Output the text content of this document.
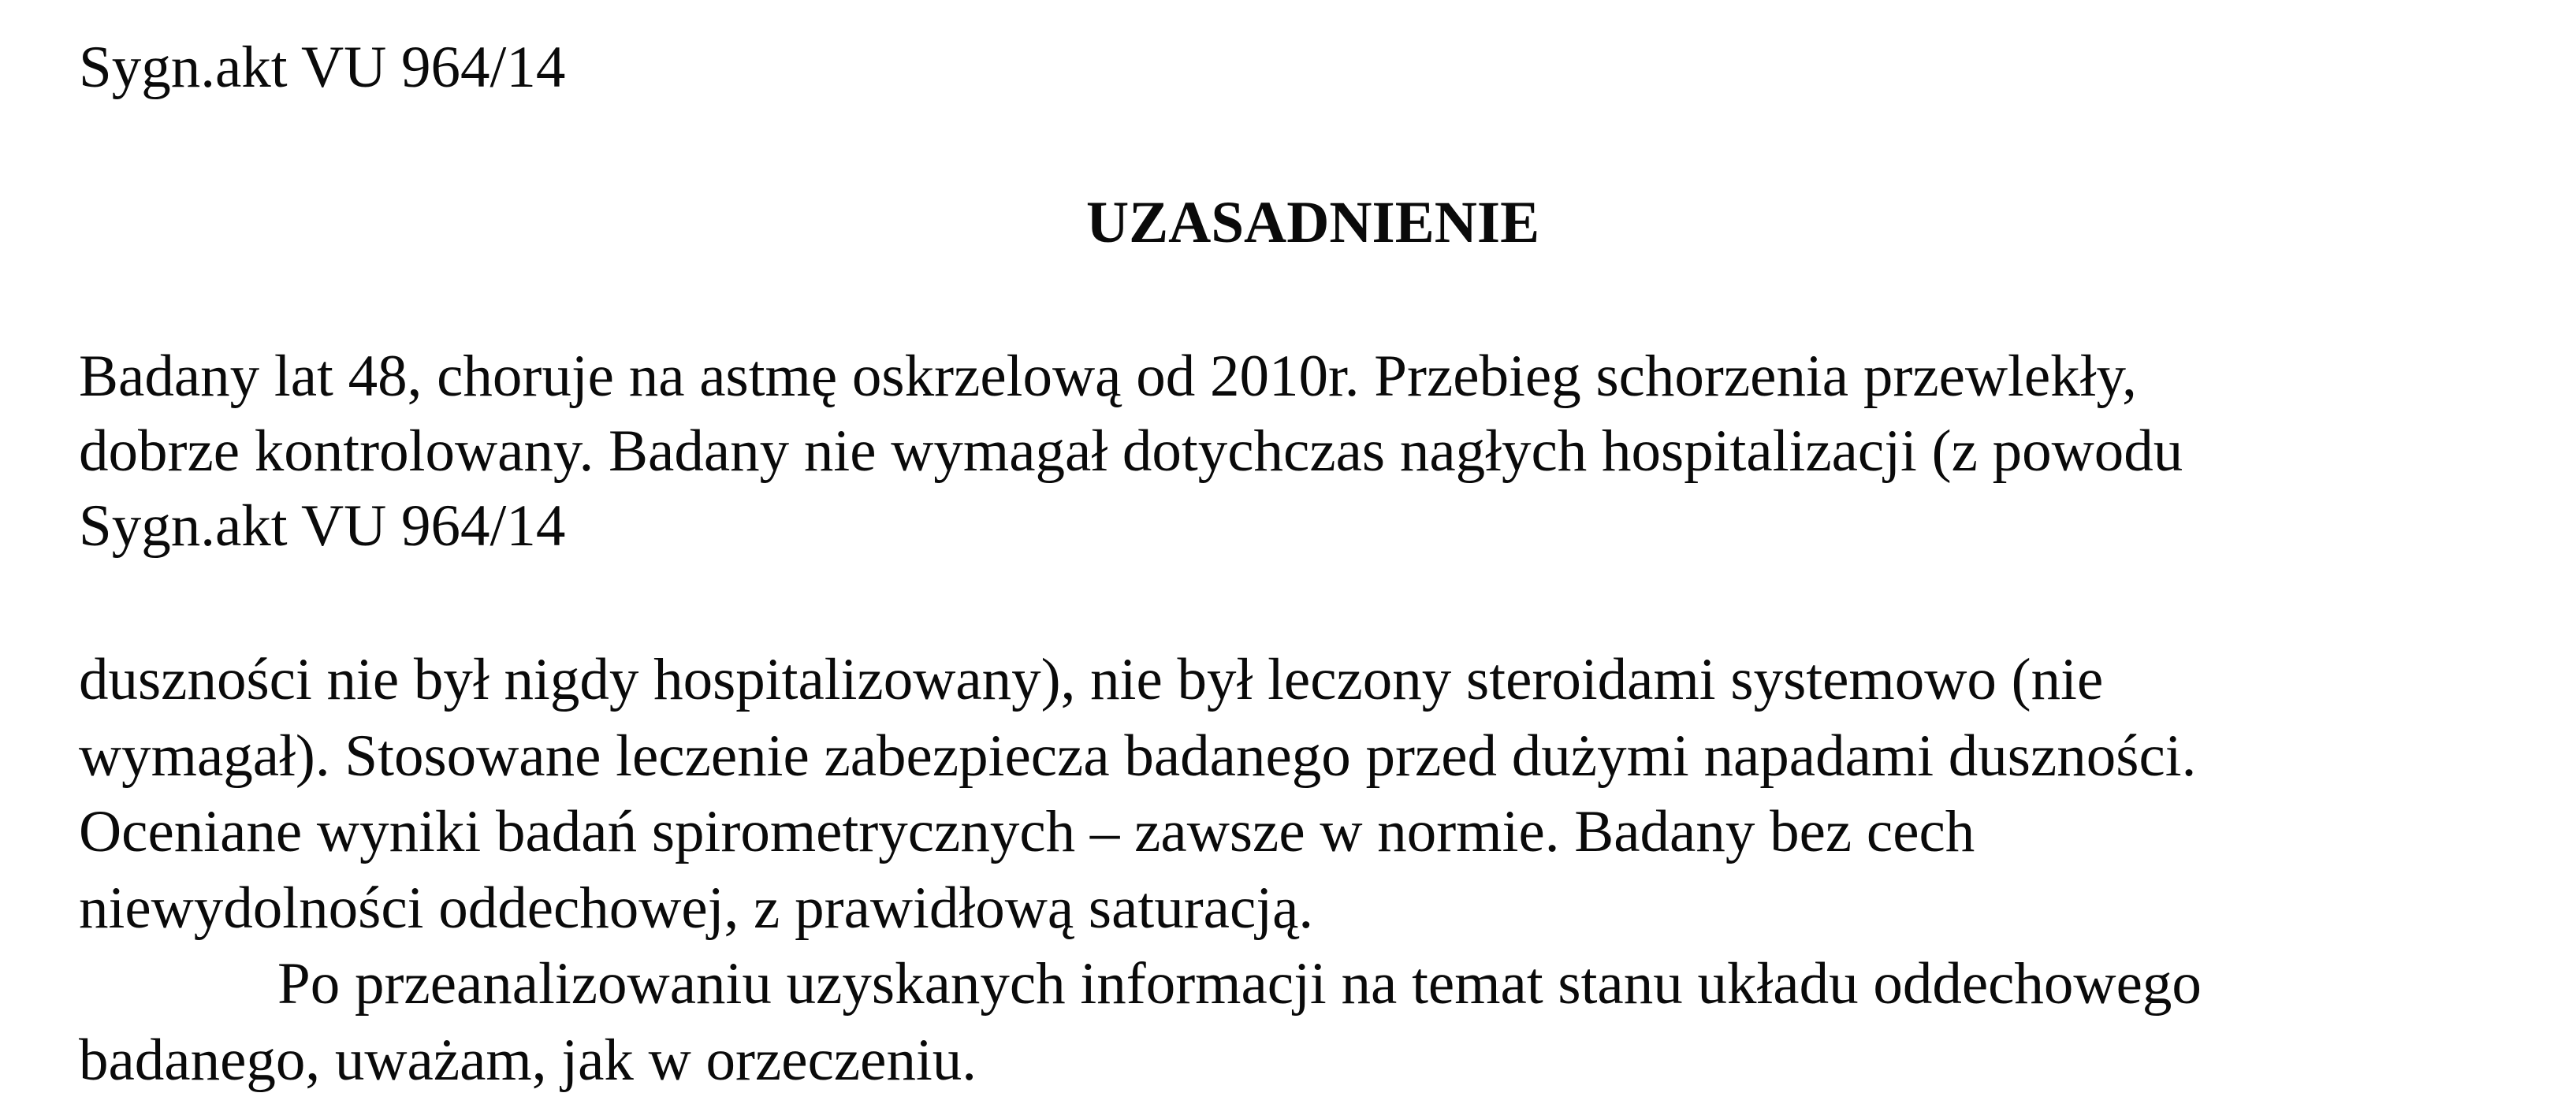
Sygn.akt VU 964/14

UZASADNIENIE

Badany lat 48, choruje na astmę oskrzelową od 2010r. Przebieg schorzenia przewlekły,

dobrze kontrolowany. Badany nie wymagał dotychczas nagłych hospitalizacji (z powodu

Sygn.akt VU 964/14

duszności nie był nigdy hospitalizowany), nie był leczony steroidami systemowo (nie

wymagał). Stosowane leczenie zabezpiecza badanego przed dużymi napadami duszności.

Oceniane wyniki badań spirometrycznych – zawsze w normie. Badany bez cech

niewydolności oddechowej, z prawidłową saturacją.

Po przeanalizowaniu uzyskanych informacji na temat stanu układu oddechowego

badanego, uważam, jak w orzeczeniu.
